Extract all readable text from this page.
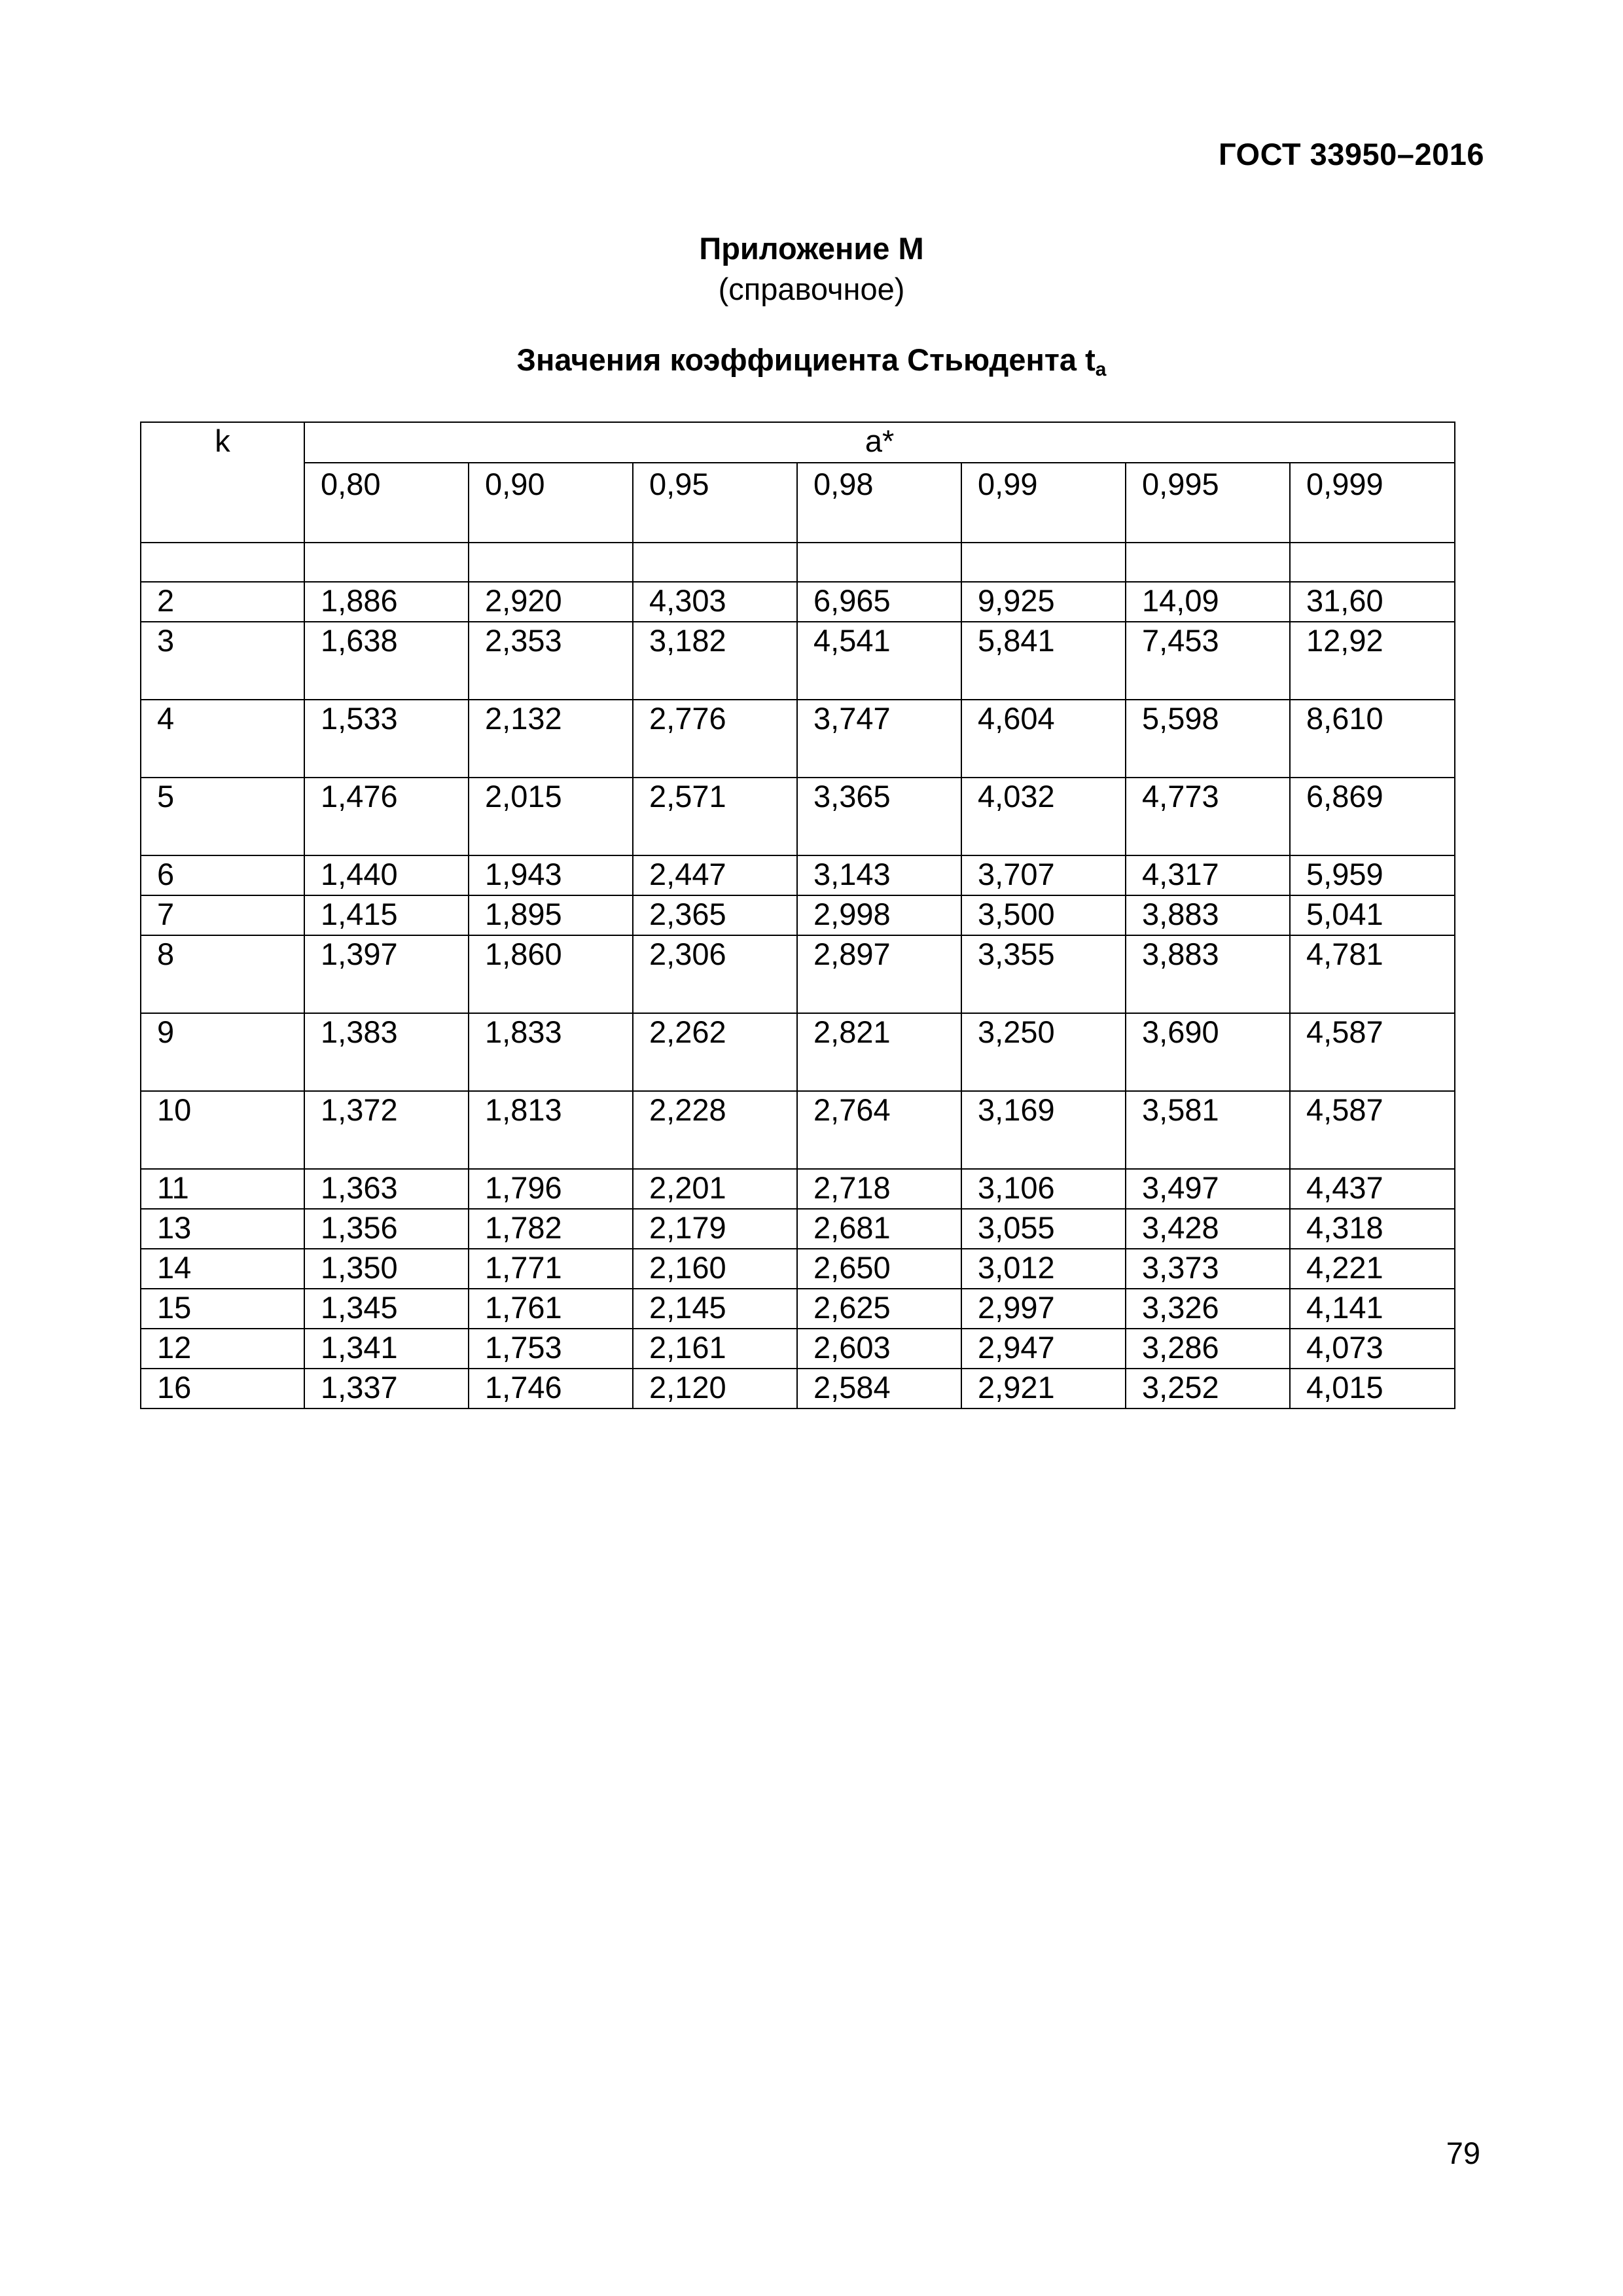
ГОСТ 33950–2016
Приложение М
(справочное)
Значения коэффициента Стьюдента $t_a$
k	a*						
	0,80	0,90	0,95	0,98	0,99	0,995	0,999

2	1,886	2,920	4,303	6,965	9,925	14,09	31,60
3	1,638	2,353	3,182	4,541	5,841	7,453	12,92
4	1,533	2,132	2,776	3,747	4,604	5,598	8,610
5	1,476	2,015	2,571	3,365	4,032	4,773	6,869
6	1,440	1,943	2,447	3,143	3,707	4,317	5,959
7	1,415	1,895	2,365	2,998	3,500	3,883	5,041
8	1,397	1,860	2,306	2,897	3,355	3,883	4,781
9	1,383	1,833	2,262	2,821	3,250	3,690	4,587
10	1,372	1,813	2,228	2,764	3,169	3,581	4,587
11	1,363	1,796	2,201	2,718	3,106	3,497	4,437
13	1,356	1,782	2,179	2,681	3,055	3,428	4,318
14	1,350	1,771	2,160	2,650	3,012	3,373	4,221
15	1,345	1,761	2,145	2,625	2,997	3,326	4,141
12	1,341	1,753	2,161	2,603	2,947	3,286	4,073
16	1,337	1,746	2,120	2,584	2,921	3,252	4,015
79
